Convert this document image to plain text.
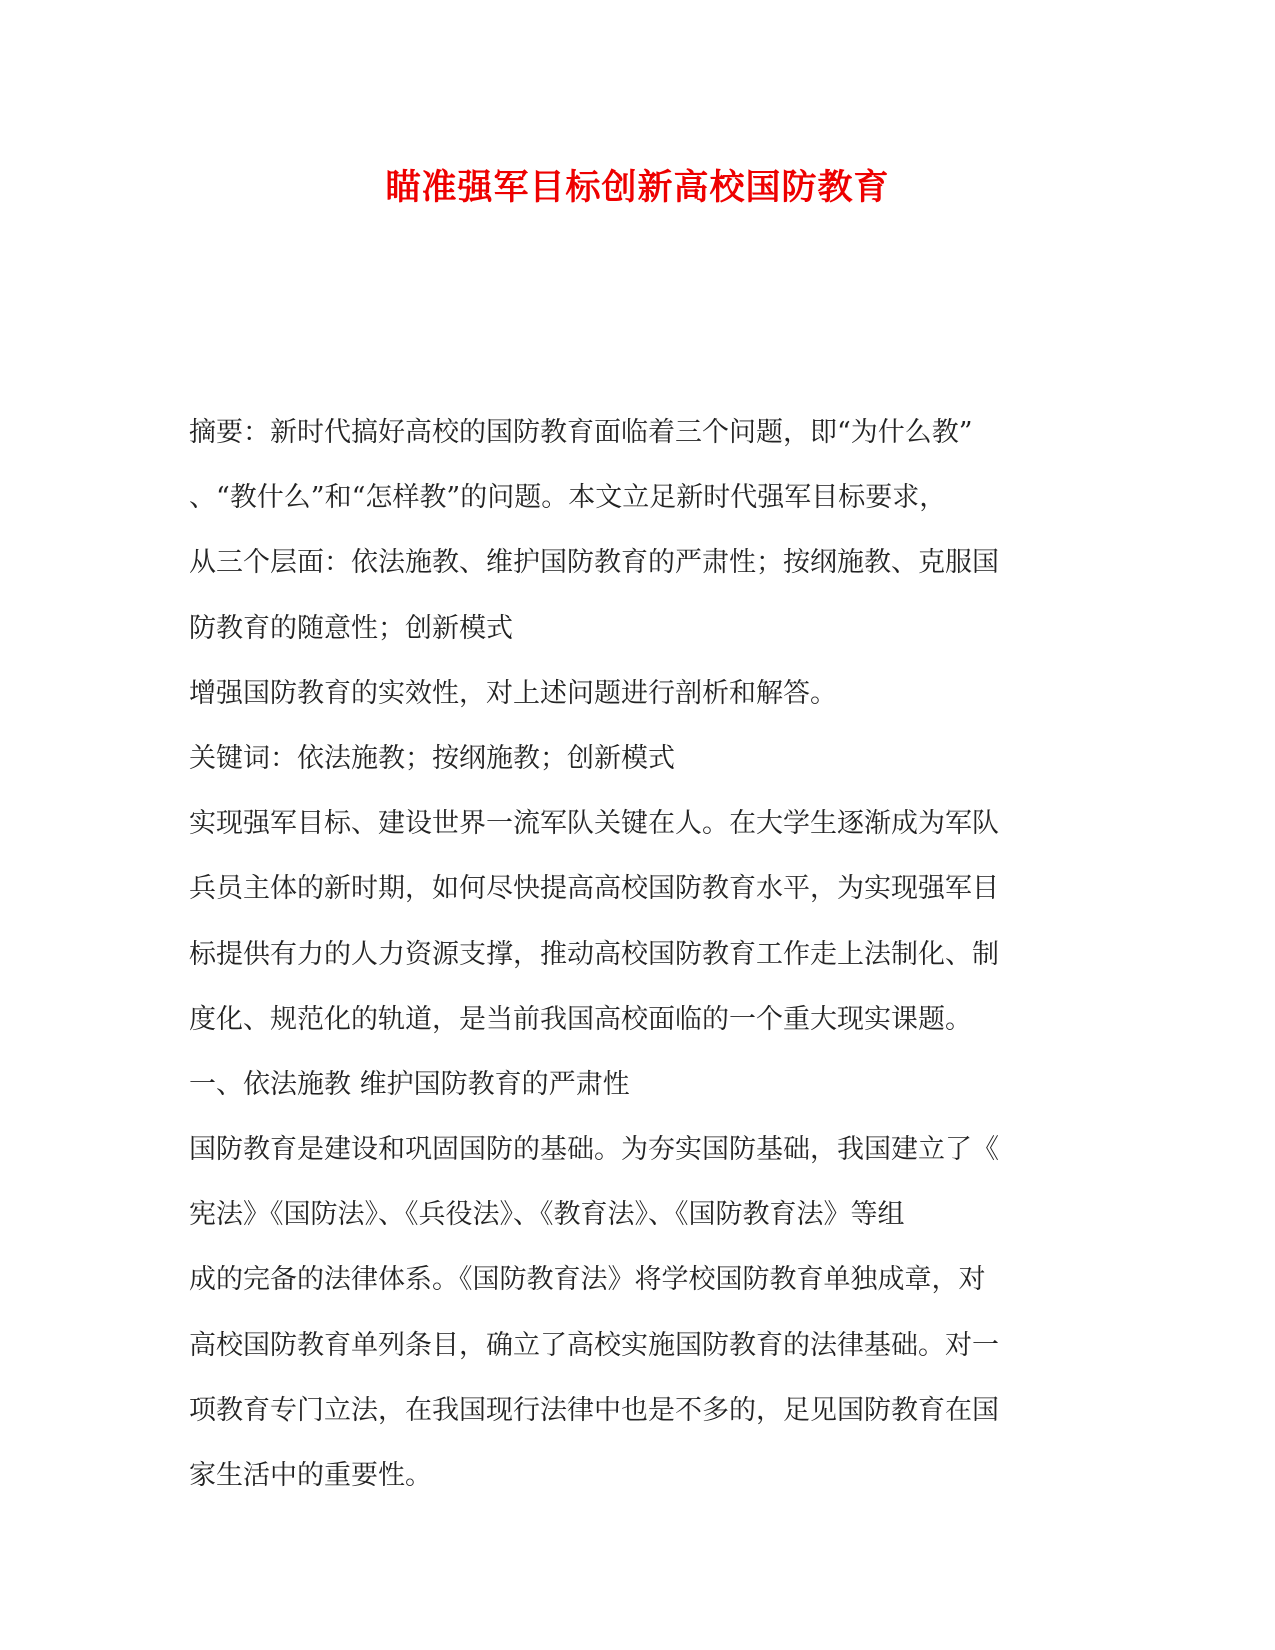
瞄准强军目标创新高校国防教育
摘要：新时代搞好高校的国防教育面临着三个问题，即“为什么教”
、“教什么”和“怎样教”的问题。本文立足新时代强军目标要求，
从三个层面：依法施教、维护国防教育的严肃性；按纲施教、克服国
防教育的随意性；创新模式
增强国防教育的实效性，对上述问题进行剖析和解答。
关键词：依法施教；按纲施教；创新模式
实现强军目标、建设世界一流军队关键在人。在大学生逐渐成为军队
兵员主体的新时期，如何尽快提高高校国防教育水平，为实现强军目
标提供有力的人力资源支撑，推动高校国防教育工作走上法制化、制
度化、规范化的轨道，是当前我国高校面临的一个重大现实课题。
一、依法施教 维护国防教育的严肃性
国防教育是建设和巩固国防的基础。为夯实国防基础，我国建立了《
宪法》《国防法》、《兵役法》、《教育法》、《国防教育法》等组
成的完备的法律体系。《国防教育法》将学校国防教育单独成章，对
高校国防教育单列条目，确立了高校实施国防教育的法律基础。对一
项教育专门立法，在我国现行法律中也是不多的，足见国防教育在国
家生活中的重要性。
